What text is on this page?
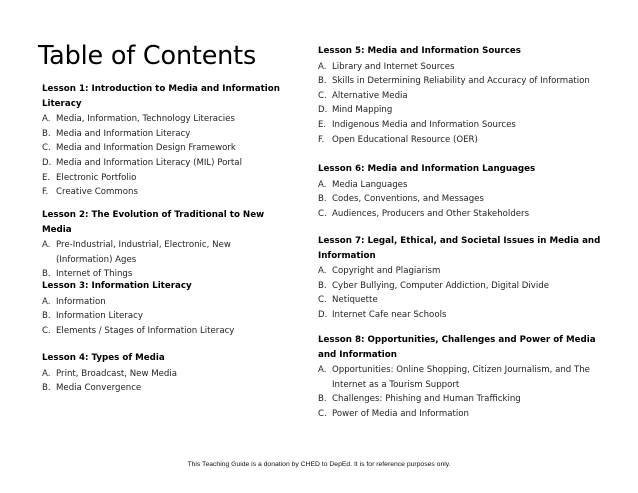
Table of Contents
Lesson 1: Introduction to Media and Information Literacy
A. Media, Information, Technology Literacies
B. Media and Information Literacy
C. Media and Information Design Framework
D. Media and Information Literacy (MIL) Portal
E. Electronic Portfolio
F. Creative Commons
Lesson 2: The Evolution of Traditional to New Media
A. Pre-Industrial, Industrial, Electronic, New (Information) Ages
B. Internet of Things
Lesson 3: Information Literacy
A. Information
B. Information Literacy
C. Elements / Stages of Information Literacy
Lesson 4: Types of Media
A. Print, Broadcast, New Media
B. Media Convergence
Lesson 5: Media and Information Sources
A. Library and Internet Sources
B. Skills in Determining Reliability and Accuracy of Information
C. Alternative Media
D. Mind Mapping
E. Indigenous Media and Information Sources
F. Open Educational Resource (OER)
Lesson 6: Media and Information Languages
A. Media Languages
B. Codes, Conventions, and Messages
C. Audiences, Producers and Other Stakeholders
Lesson 7: Legal, Ethical, and Societal Issues in Media and Information
A. Copyright and Plagiarism
B. Cyber Bullying, Computer Addiction, Digital Divide
C. Netiquette
D. Internet Cafe near Schools
Lesson 8: Opportunities, Challenges and Power of Media and Information
A. Opportunities: Online Shopping, Citizen Journalism, and The Internet as a Tourism Support
B. Challenges: Phishing and Human Trafficking
C. Power of Media and Information
This Teaching Guide is a donation by CHED to DepEd. It is for reference purposes only.
